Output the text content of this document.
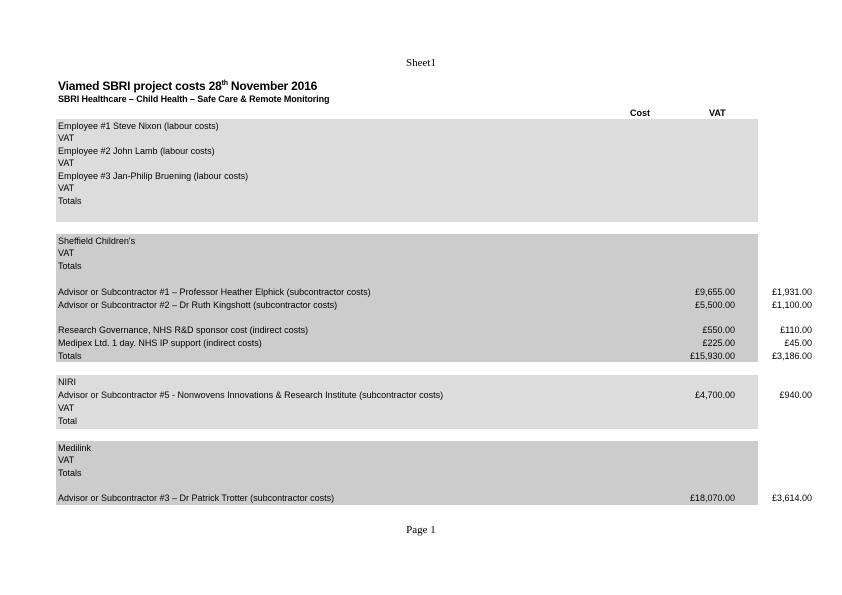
Sheet1
Viamed SBRI project costs 28th November 2016
SBRI Healthcare – Child Health – Safe Care & Remote Monitoring
Cost	VAT
Employee #1 Steve Nixon (labour costs)
VAT
Employee #2 John Lamb (labour costs)
VAT
Employee #3 Jan-Philip Bruening (labour costs)
VAT
Totals
Sheffield Children's
VAT
Totals
Advisor or Subcontractor #1 – Professor Heather Elphick (subcontractor costs)	£9,655.00	£1,931.00
Advisor or Subcontractor #2 – Dr Ruth Kingshott (subcontractor costs)	£5,500.00	£1,100.00
Research Governance, NHS R&D sponsor cost (indirect costs)	£550.00	£110.00
Medipex Ltd. 1 day. NHS IP support (indirect costs)	£225.00	£45.00
Totals	£15,930.00	£3,186.00
NIRI
Advisor or Subcontractor #5 - Nonwovens Innovations & Research Institute (subcontractor costs)	£4,700.00	£940.00
VAT
Total
Medilink
VAT
Totals
Advisor or Subcontractor #3 – Dr Patrick Trotter (subcontractor costs)	£18,070.00	£3,614.00
Page 1
